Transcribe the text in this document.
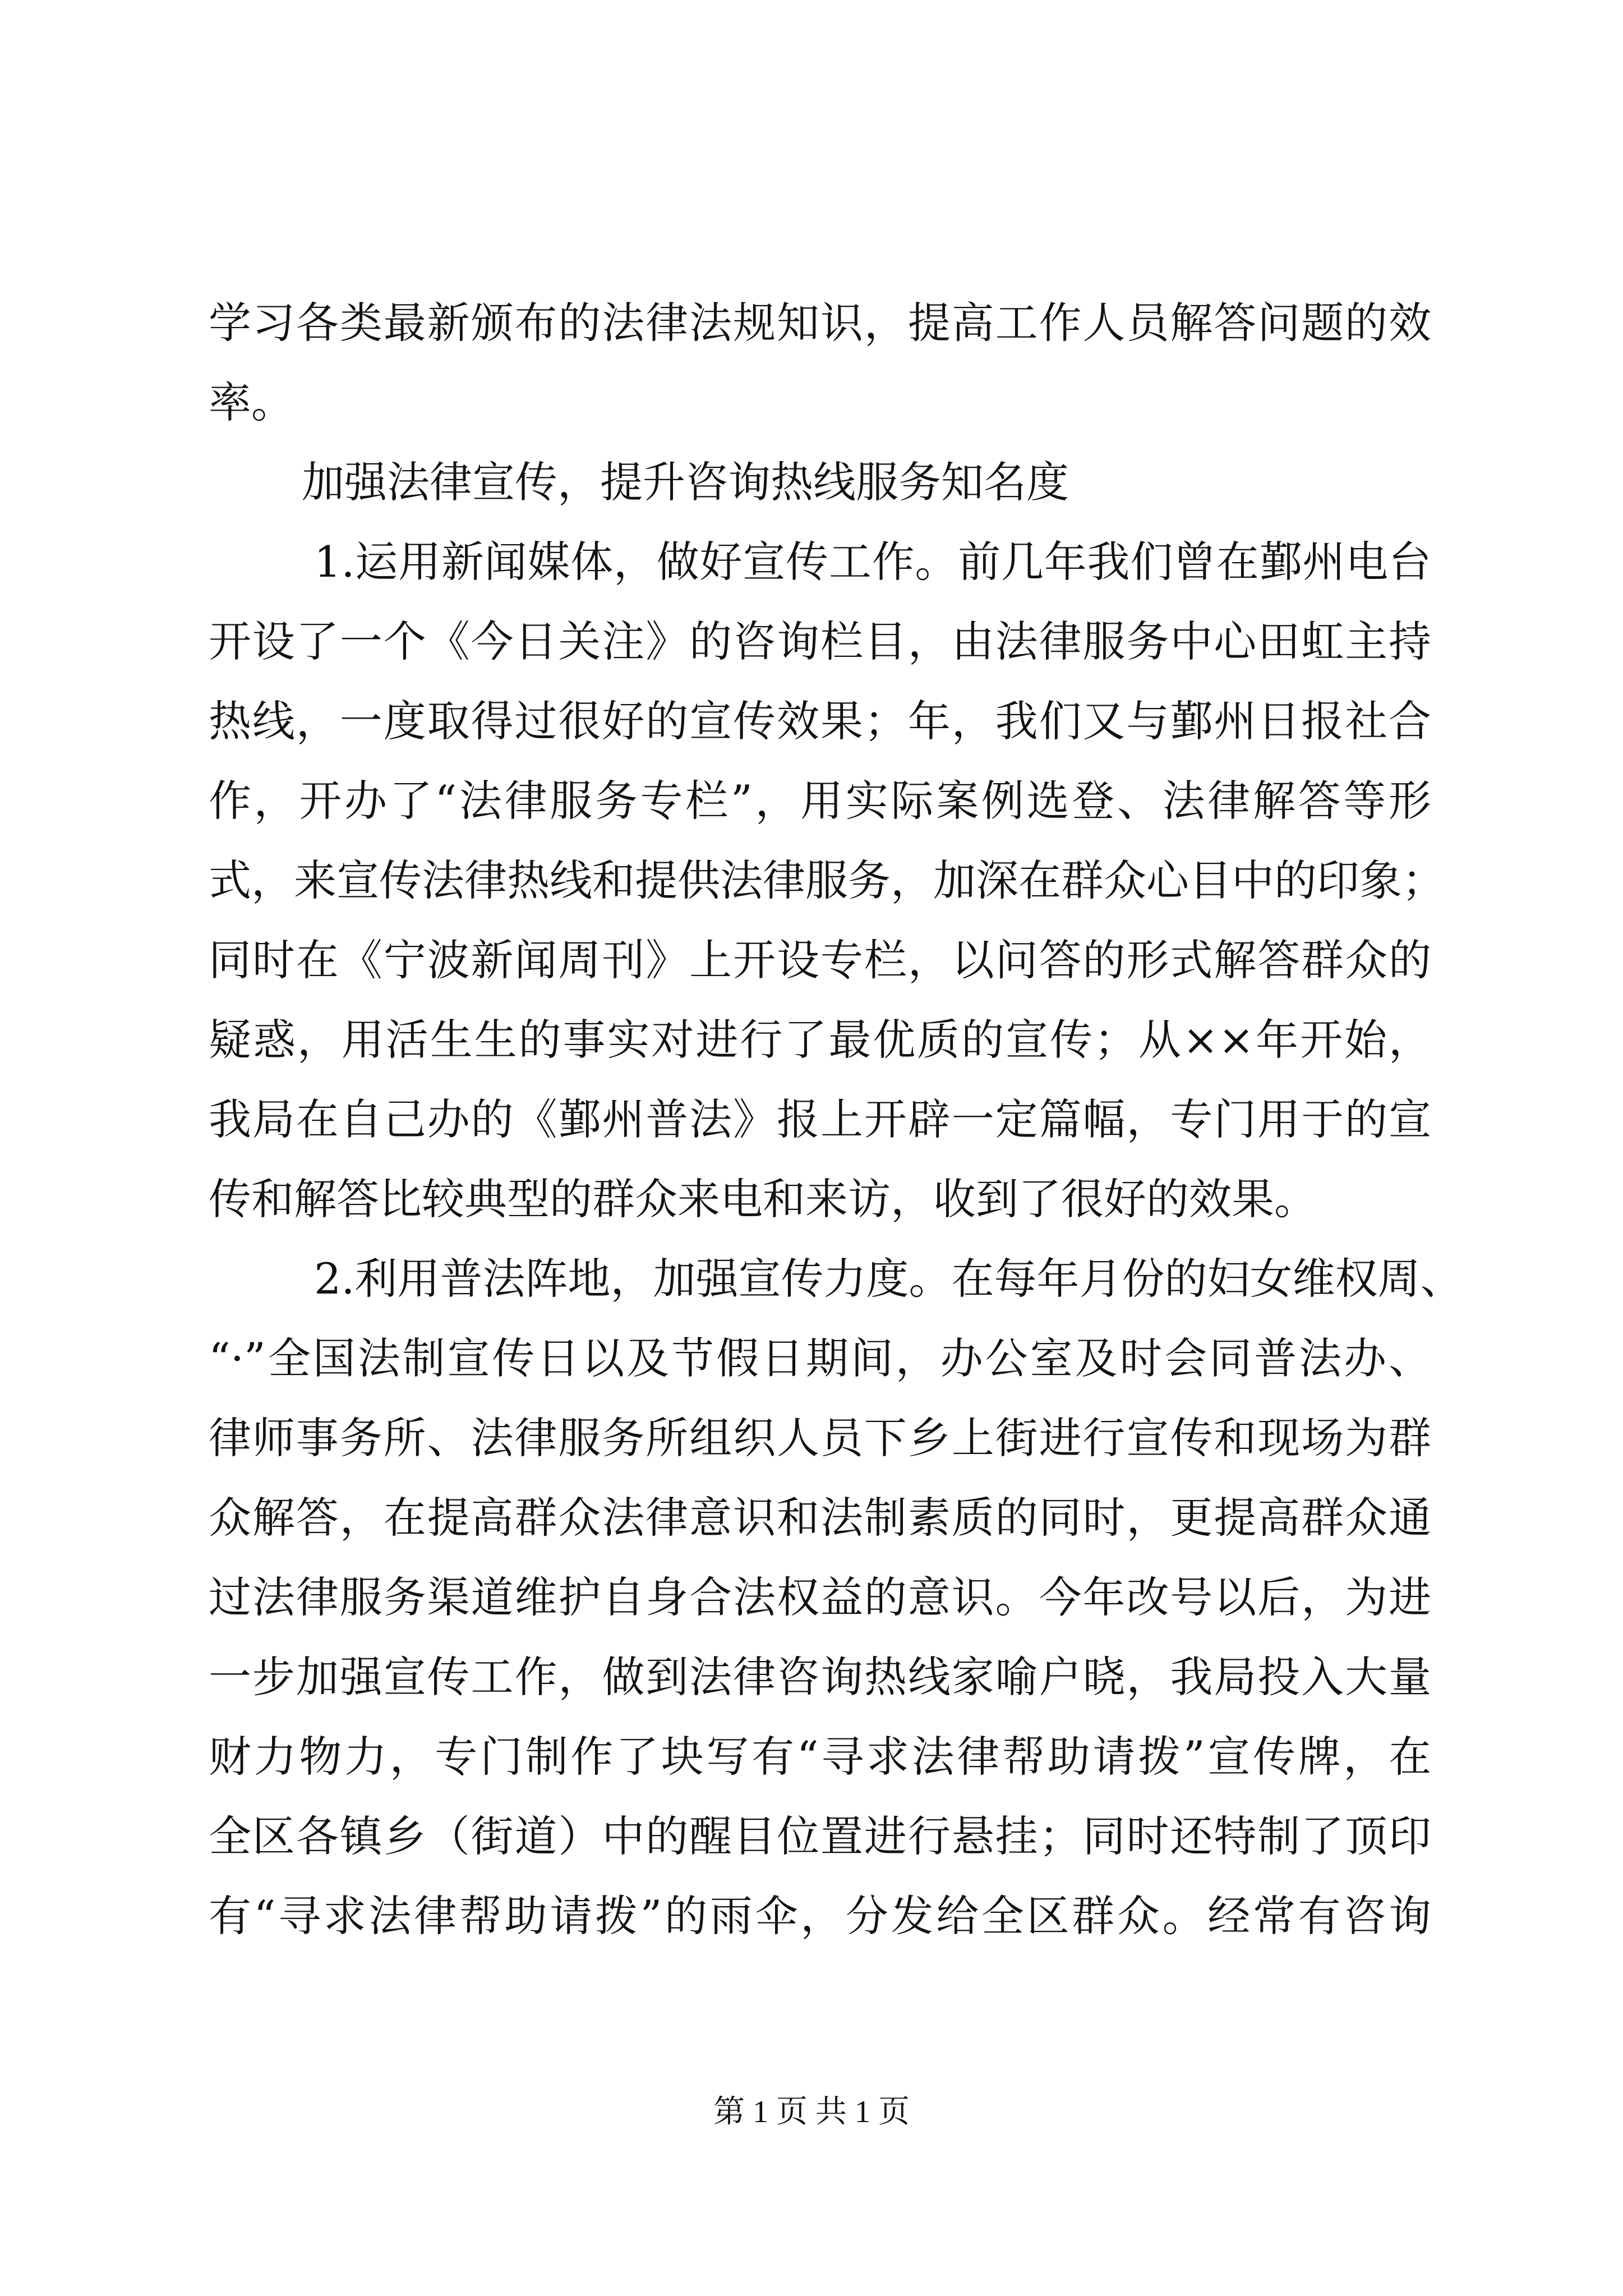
学习各类最新颁布的法律法规知识，提高工作人员解答问题的效
率。
加强法律宣传，提升咨询热线服务知名度
1.运用新闻媒体，做好宣传工作。前几年我们曾在鄞州电台
开设了一个《今日关注》的咨询栏目，由法律服务中心田虹主持
热线，一度取得过很好的宣传效果；年，我们又与鄞州日报社合
作，开办了“法律服务专栏”，用实际案例选登、法律解答等形
式，来宣传法律热线和提供法律服务，加深在群众心目中的印象；
同时在《宁波新闻周刊》上开设专栏，以问答的形式解答群众的
疑惑，用活生生的事实对进行了最优质的宣传；从××年开始，
我局在自己办的《鄞州普法》报上开辟一定篇幅，专门用于的宣
传和解答比较典型的群众来电和来访，收到了很好的效果。
2.利用普法阵地，加强宣传力度。在每年月份的妇女维权周、
“·”全国法制宣传日以及节假日期间，办公室及时会同普法办、
律师事务所、法律服务所组织人员下乡上街进行宣传和现场为群
众解答，在提高群众法律意识和法制素质的同时，更提高群众通
过法律服务渠道维护自身合法权益的意识。今年改号以后，为进
一步加强宣传工作，做到法律咨询热线家喻户晓，我局投入大量
财力物力，专门制作了块写有“寻求法律帮助请拨”宣传牌，在
全区各镇乡（街道）中的醒目位置进行悬挂；同时还特制了顶印
有“寻求法律帮助请拨”的雨伞，分发给全区群众。经常有咨询
第 1 页 共 1 页
